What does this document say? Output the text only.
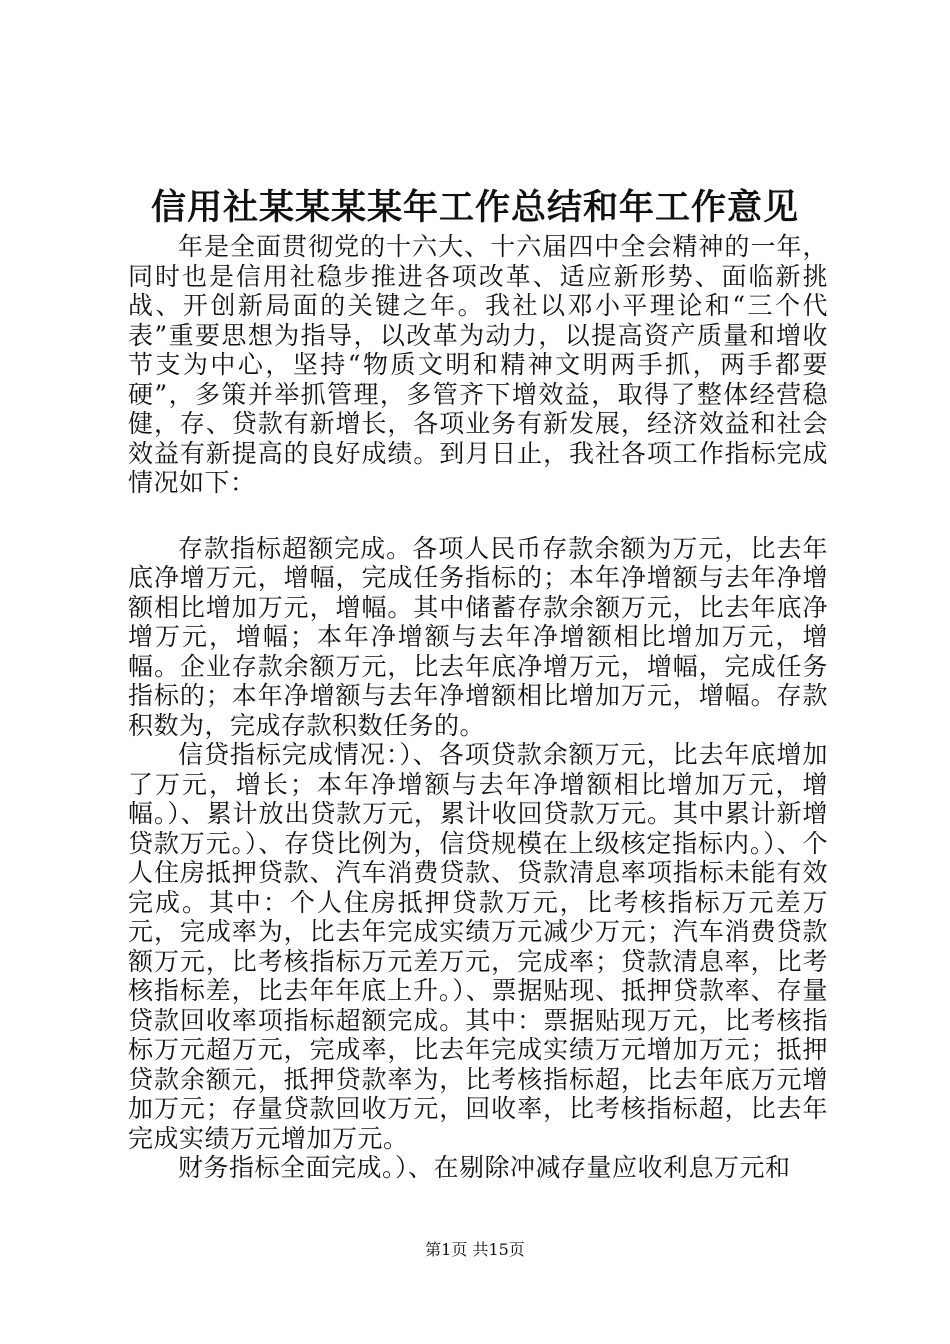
信用社某某某某年工作总结和年工作意见

年是全面贯彻党的十六大、十六届四中全会精神的一年，同时也是信用社稳步推进各项改革、适应新形势、面临新挑战、开创新局面的关键之年。我社以邓小平理论和“三个代表”重要思想为指导，以改革为动力，以提高资产质量和增收节支为中心，坚持“物质文明和精神文明两手抓，两手都要硬”，多策并举抓管理，多管齐下增效益，取得了整体经营稳健，存、贷款有新增长，各项业务有新发展，经济效益和社会效益有新提高的良好成绩。到月日止，我社各项工作指标完成情况如下：

存款指标超额完成。各项人民币存款余额为万元，比去年底净增万元，增幅，完成任务指标的；本年净增额与去年净增额相比增加万元，增幅。其中储蓄存款余额万元，比去年底净增万元，增幅；本年净增额与去年净增额相比增加万元，增幅。企业存款余额万元，比去年底净增万元，增幅，完成任务指标的；本年净增额与去年净增额相比增加万元，增幅。存款积数为，完成存款积数任务的。

信贷指标完成情况：）、各项贷款余额万元，比去年底增加了万元，增长；本年净增额与去年净增额相比增加万元，增幅。）、累计放出贷款万元，累计收回贷款万元。其中累计新增贷款万元。）、存贷比例为，信贷规模在上级核定指标内。）、个人住房抵押贷款、汽车消费贷款、贷款清息率项指标未能有效完成。其中：个人住房抵押贷款万元，比考核指标万元差万元，完成率为，比去年完成实绩万元减少万元；汽车消费贷款额万元，比考核指标万元差万元，完成率；贷款清息率，比考核指标差，比去年年底上升。）、票据贴现、抵押贷款率、存量贷款回收率项指标超额完成。其中：票据贴现万元，比考核指标万元超万元，完成率，比去年完成实绩万元增加万元；抵押贷款余额元，抵押贷款率为，比考核指标超，比去年底万元增加万元；存量贷款回收万元，回收率，比考核指标超，比去年完成实绩万元增加万元。

财务指标全面完成。）、在剔除冲减存量应收利息万元和

第1页 共15页
